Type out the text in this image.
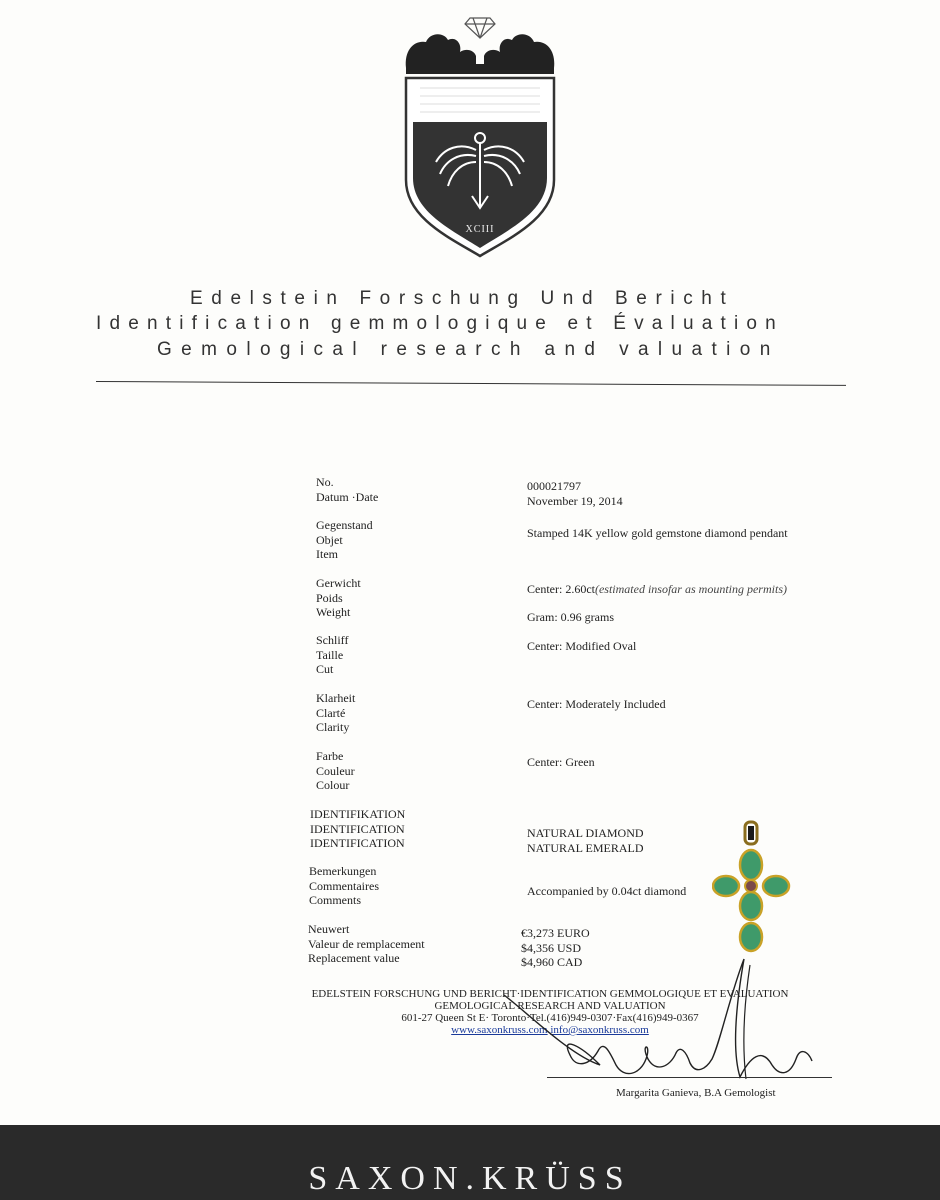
XCIII
Edelstein Forschung Und Bericht
Identification gemmologique et Évaluation
Gemological research and valuation
No.
Datum ·Date
000021797
November 19, 2014
Gegenstand
Objet
Item
Stamped 14K yellow gold gemstone diamond pendant
Gerwicht
Poids
Weight
Center: 2.60ct(estimated insofar as mounting permits)
Gram: 0.96 grams
Schliff
Taille
Cut
Center: Modified Oval
Klarheit
Clarté
Clarity
Center: Moderately Included
Farbe
Couleur
Colour
Center: Green
IDENTIFIKATION
IDENTIFICATION
IDENTIFICATION
NATURAL DIAMOND
NATURAL EMERALD
Bemerkungen
Commentaires
Comments
Accompanied by 0.04ct diamond
Neuwert
Valeur de remplacement
Replacement value
€3,273 EURO
$4,356 USD
$4,960 CAD
EDELSTEIN FORSCHUNG UND BERICHT·IDENTIFICATION GEMMOLOGIQUE ET EVALUATION
GEMOLOGICAL RESEARCH AND VALUATION
601-27 Queen St E· Toronto·Tel.(416)949-0307·Fax(416)949-0367
www.saxonkruss.com info@saxonkruss.com
Margarita Ganieva, B.A Gemologist
SAXON.KRÜSS
